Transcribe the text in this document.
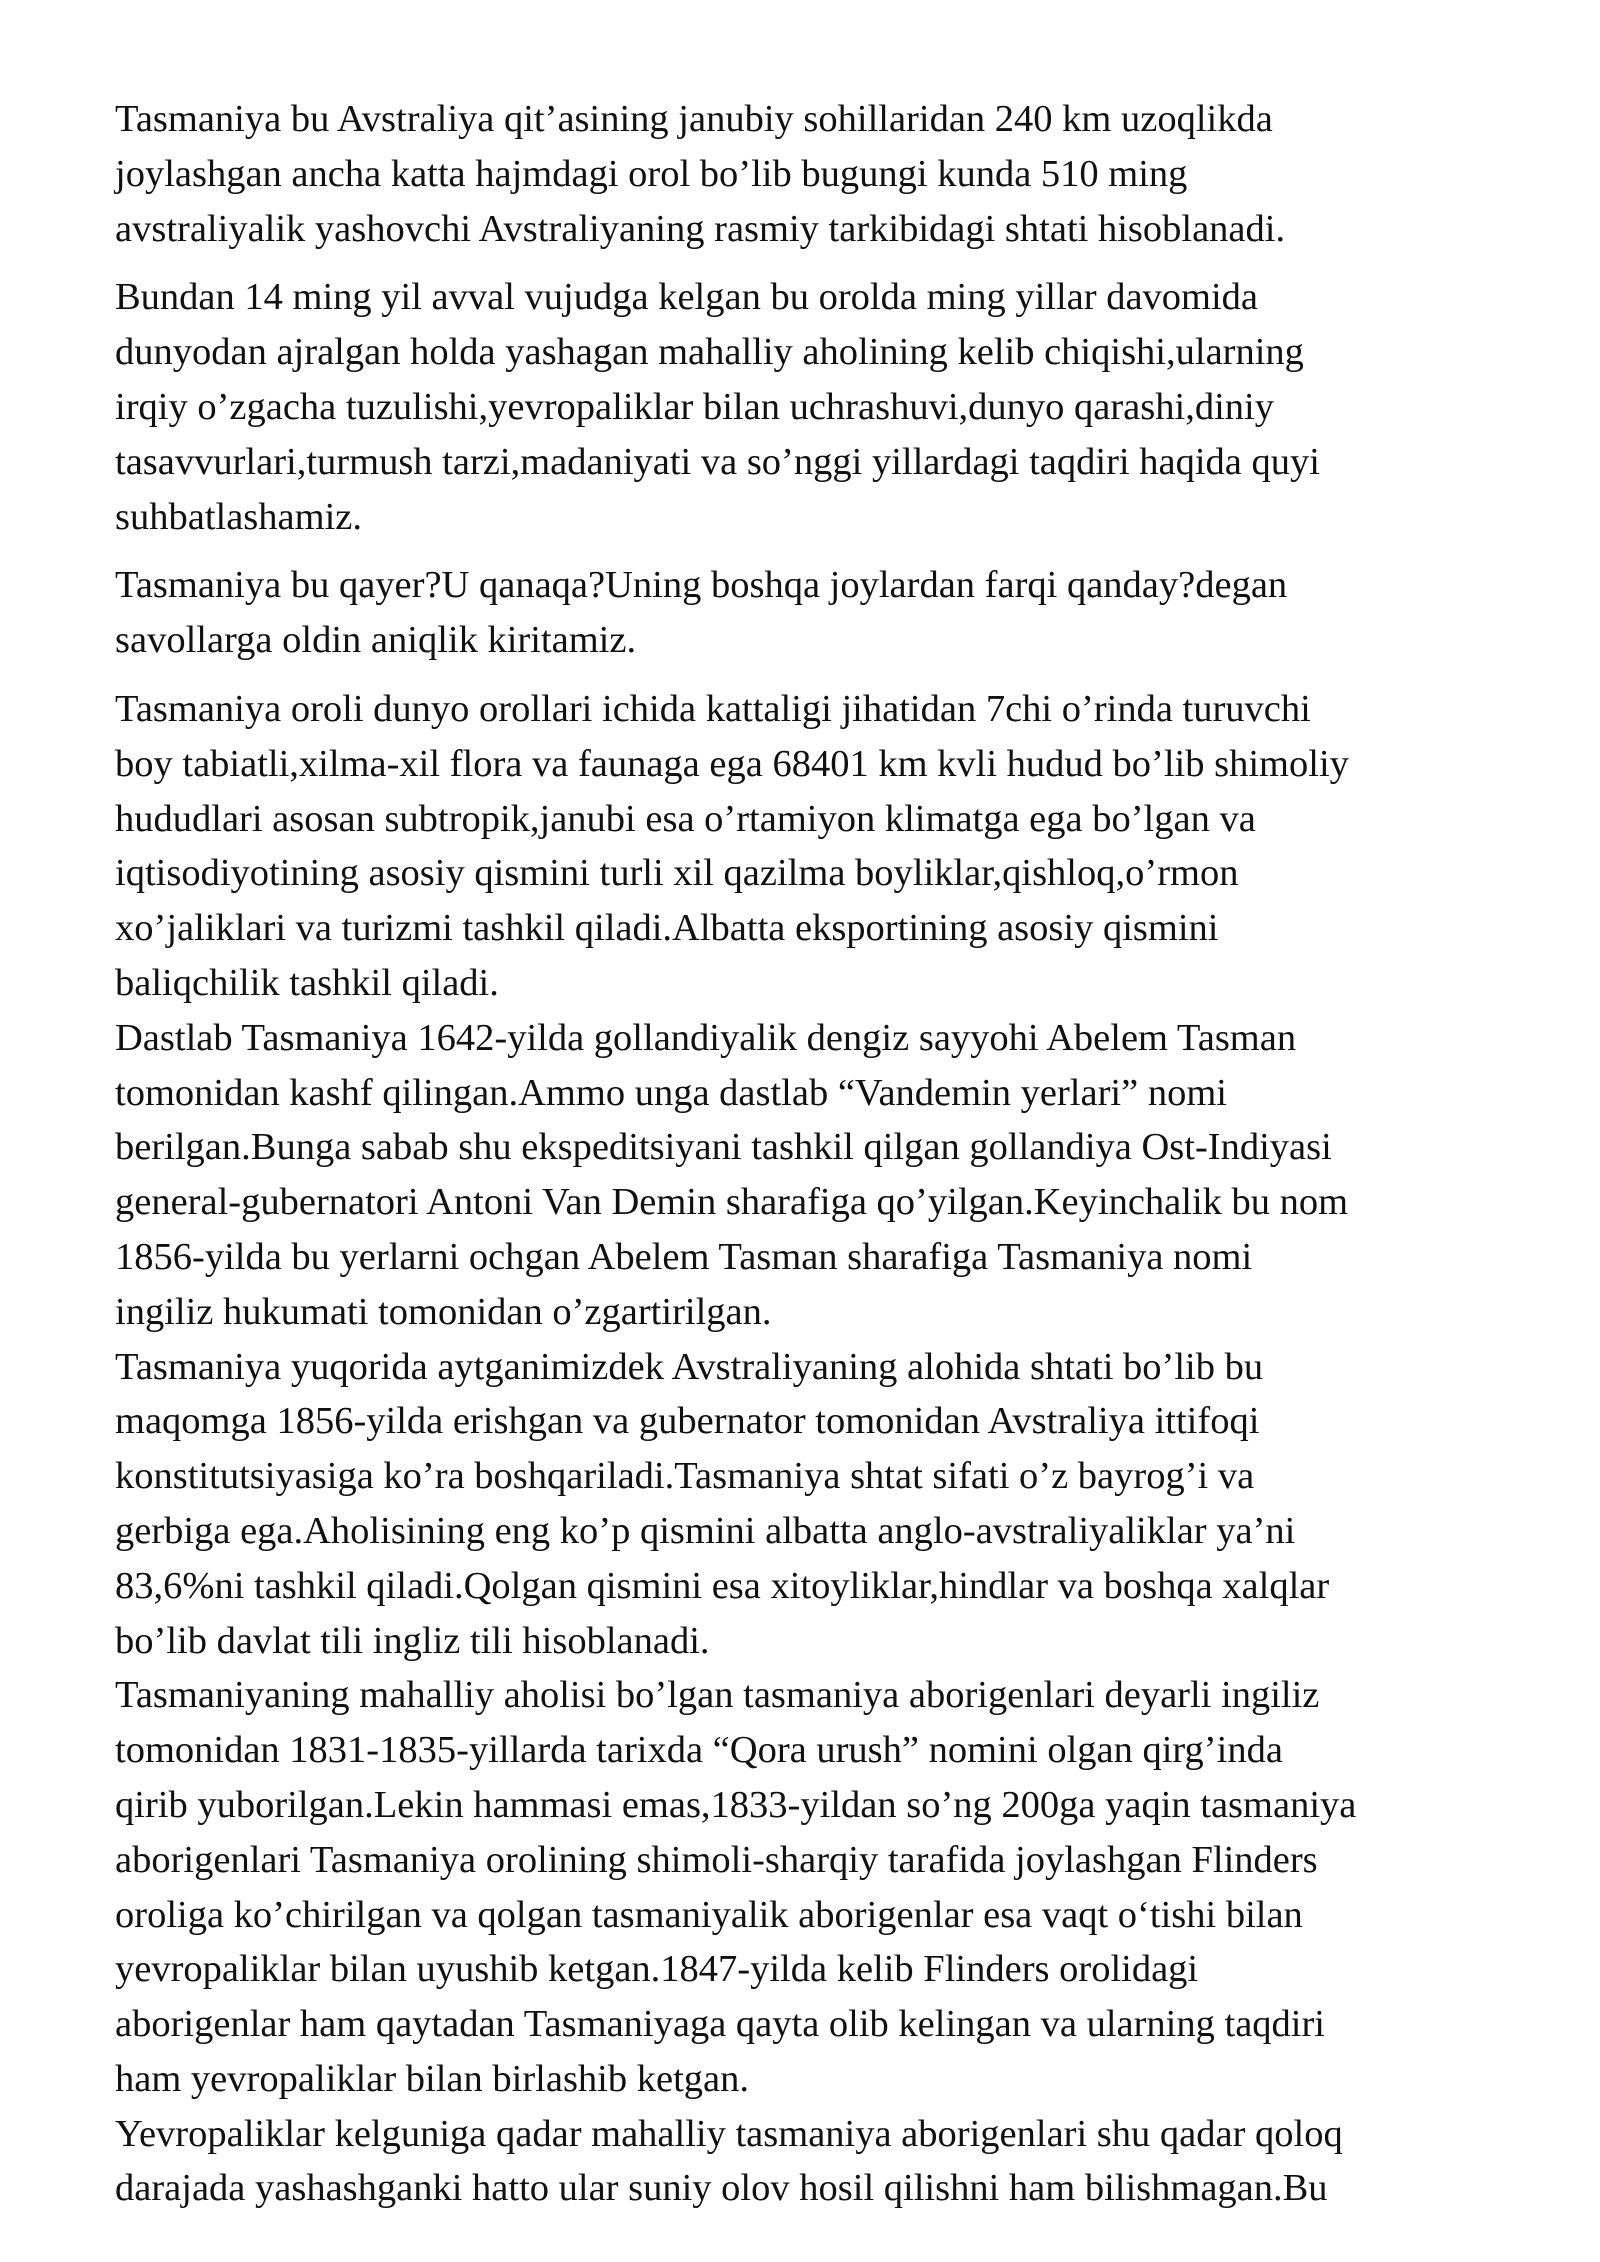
Tasmaniya bu Avstraliya qit’asining janubiy sohillaridan 240 km uzoqlikda
joylashgan ancha katta hajmdagi orol bo’lib bugungi kunda 510 ming
avstraliyalik yashovchi Avstraliyaning rasmiy tarkibidagi shtati hisoblanadi.

Bundan 14 ming yil avval vujudga kelgan bu orolda ming yillar davomida
dunyodan ajralgan holda yashagan mahalliy aholining kelib chiqishi,ularning
irqiy o’zgacha tuzulishi,yevropaliklar bilan uchrashuvi,dunyo qarashi,diniy
tasavvurlari,turmush tarzi,madaniyati va so’nggi yillardagi taqdiri haqida quyi
suhbatlashamiz.

Tasmaniya bu qayer?U qanaqa?Uning boshqa joylardan farqi qanday?degan
savollarga oldin aniqlik kiritamiz.

Tasmaniya oroli dunyo orollari ichida kattaligi jihatidan 7chi o’rinda turuvchi
boy tabiatli,xilma-xil flora va faunaga ega 68401 km kvli hudud bo’lib shimoliy
hududlari asosan subtropik,janubi esa o’rtamiyon klimatga ega bo’lgan va
iqtisodiyotining asosiy qismini turli xil qazilma boyliklar,qishloq,o’rmon
xo’jaliklari va turizmi tashkil qiladi.Albatta eksportining asosiy qismini
baliqchilik tashkil qiladi.

Dastlab Tasmaniya 1642-yilda gollandiyalik dengiz sayyohi Abelem Tasman
tomonidan kashf qilingan.Ammo unga dastlab “Vandemin yerlari” nomi
berilgan.Bunga sabab shu ekspeditsiyani tashkil qilgan gollandiya Ost-Indiyasi
general-gubernatori Antoni Van Demin sharafiga qo’yilgan.Keyinchalik bu nom
1856-yilda bu yerlarni ochgan Abelem Tasman sharafiga Tasmaniya nomi
ingiliz hukumati tomonidan o’zgartirilgan.

Tasmaniya yuqorida aytganimizdek Avstraliyaning alohida shtati bo’lib bu
maqomga 1856-yilda erishgan va gubernator tomonidan Avstraliya ittifoqi
konstitutsiyasiga ko’ra boshqariladi.Tasmaniya shtat sifati o’z bayrog’i va
gerbiga ega.Aholisining eng ko’p qismini albatta anglo-avstraliyaliklar ya’ni
83,6%ni tashkil qiladi.Qolgan qismini esa xitoyliklar,hindlar va boshqa xalqlar
bo’lib davlat tili ingliz tili hisoblanadi.

Tasmaniyaning mahalliy aholisi bo’lgan tasmaniya aborigenlari deyarli ingiliz
tomonidan 1831-1835-yillarda tarixda “Qora urush” nomini olgan qirg’inda
qirib yuborilgan.Lekin hammasi emas,1833-yildan so’ng 200ga yaqin tasmaniya
aborigenlari Tasmaniya orolining shimoli-sharqiy tarafida joylashgan Flinders
oroliga ko’chirilgan va qolgan tasmaniyalik aborigenlar esa vaqt o‘tishi bilan
yevropaliklar bilan uyushib ketgan.1847-yilda kelib Flinders orolidagi
aborigenlar ham qaytadan Tasmaniyaga qayta olib kelingan va ularning taqdiri
ham yevropaliklar bilan birlashib ketgan.

Yevropaliklar kelguniga qadar mahalliy tasmaniya aborigenlari shu qadar qoloq
darajada yashashganki hatto ular suniy olov hosil qilishni ham bilishmagan.Bu
